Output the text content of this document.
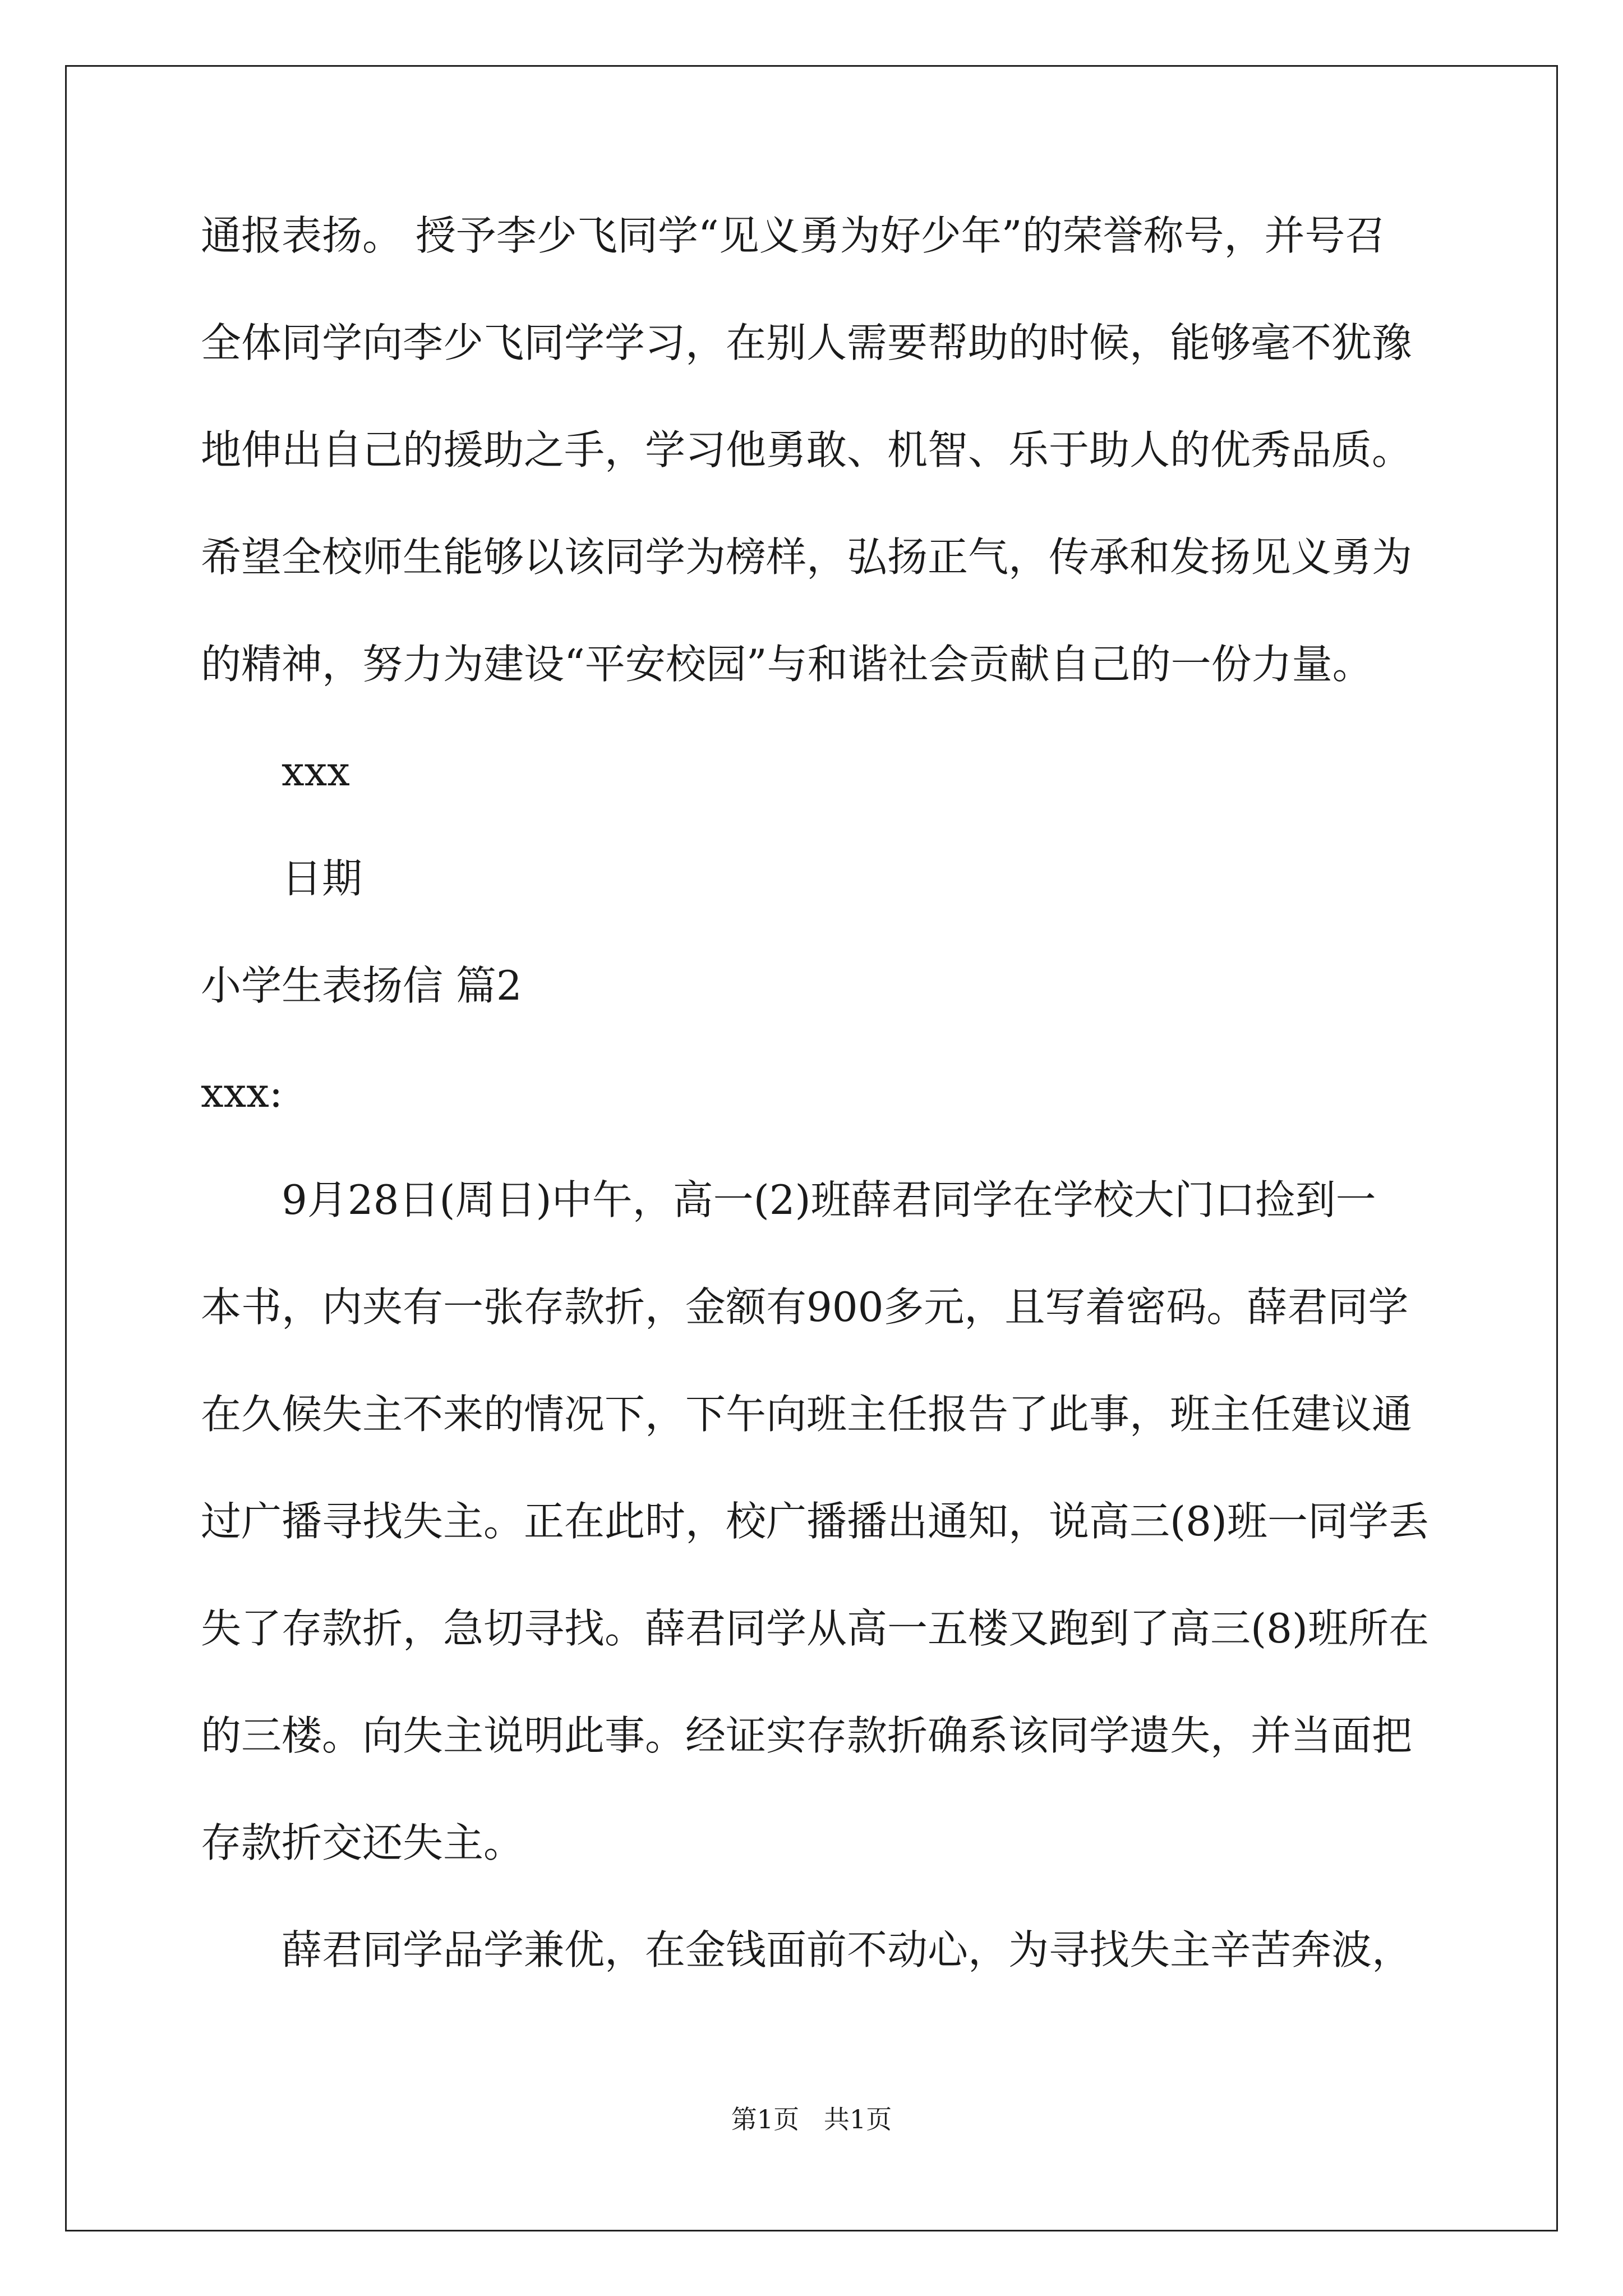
通报表扬。 授予李少飞同学“见义勇为好少年”的荣誉称号，并号召
全体同学向李少飞同学学习，在别人需要帮助的时候，能够毫不犹豫
地伸出自己的援助之手，学习他勇敢、机智、乐于助人的优秀品质。
希望全校师生能够以该同学为榜样，弘扬正气，传承和发扬见义勇为
的精神，努力为建设“平安校园”与和谐社会贡献自己的一份力量。
xxx
日期
小学生表扬信 篇2
xxx:
9月28日(周日)中午，高一(2)班薛君同学在学校大门口捡到一
本书，内夹有一张存款折，金额有900多元，且写着密码。薛君同学
在久候失主不来的情况下，下午向班主任报告了此事，班主任建议通
过广播寻找失主。正在此时，校广播播出通知，说高三(8)班一同学丢
失了存款折，急切寻找。薛君同学从高一五楼又跑到了高三(8)班所在
的三楼。向失主说明此事。经证实存款折确系该同学遗失，并当面把
存款折交还失主。
薛君同学品学兼优，在金钱面前不动心，为寻找失主辛苦奔波，
第1页   共1页
